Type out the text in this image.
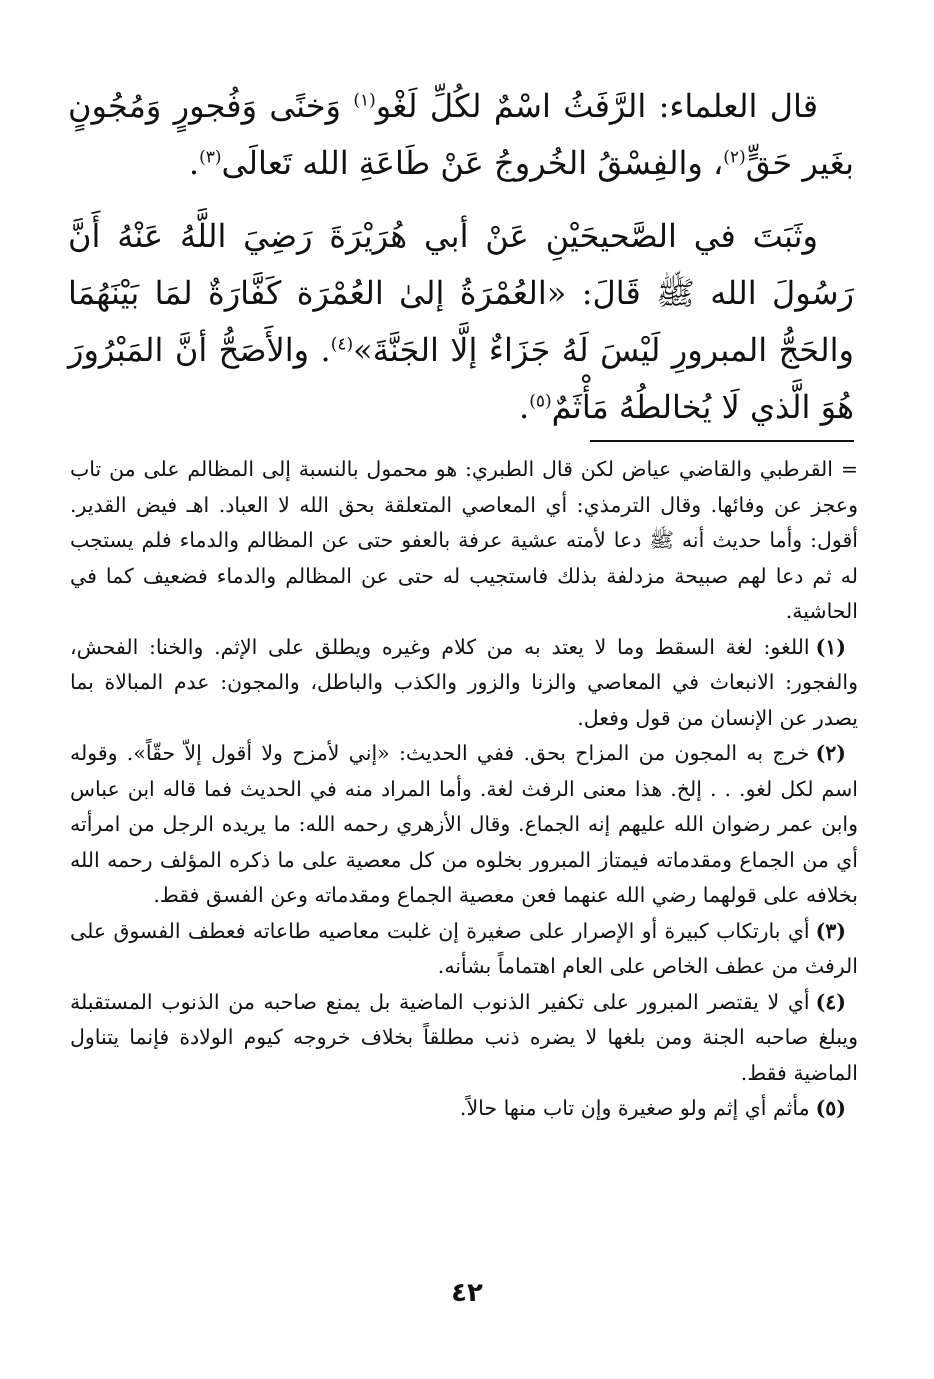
قال العلماء: الرَّفَثُ اسْمٌ لكُلِّ لَغْو$^{(١)}$ وَخنًى وَفُجورٍ وَمُجُونٍ بغَير حَقٍّ$^{(٢)}$، والفِسْقُ الخُروجُ عَنْ طَاعَةِ الله تَعالَى$^{(٣)}$.

وثَبَتَ في الصَّحيحَيْنِ عَنْ أبي هُرَيْرَةَ رَضِيَ اللَّهُ عَنْهُ أَنَّ رَسُولَ الله ﷺ قَالَ: «العُمْرَةُ إلىٰ العُمْرَة كَفَّارَةٌ لمَا بَيْنَهُمَا والحَجُّ المبرورِ لَيْسَ لَهُ جَزَاءٌ إلَّا الجَنَّةَ»$^{(٤)}$. والأَصَحُّ أنَّ المَبْرُورَ هُوَ الَّذي لَا يُخالطُهُ مَأْثَمٌ$^{(٥)}$.

= القرطبي والقاضي عياض لكن قال الطبري: هو محمول بالنسبة إلى المظالم على من تاب وعجز عن وفائها. وقال الترمذي: أي المعاصي المتعلقة بحق الله لا العباد. اهـ فيض القدير. أقول: وأما حديث أنه ﷺ دعا لأمته عشية عرفة بالعفو حتى عن المظالم والدماء فلم يستجب له ثم دعا لهم صبيحة مزدلفة بذلك فاستجيب له حتى عن المظالم والدماء فضعيف كما في الحاشية.

(١)اللغو: لغة السقط وما لا يعتد به من كلام وغيره ويطلق على الإثم. والخنا: الفحش، والفجور: الانبعاث في المعاصي والزنا والزور والكذب والباطل، والمجون: عدم المبالاة بما يصدر عن الإنسان من قول وفعل.

(٢)خرج به المجون من المزاح بحق. ففي الحديث: «إني لأمزح ولا أقول إلاّ حقّاً». وقوله اسم لكل لغو. . . إلخ. هذا معنى الرفث لغة. وأما المراد منه في الحديث فما قاله ابن عباس وابن عمر رضوان الله عليهم إنه الجماع. وقال الأزهري رحمه الله: ما يريده الرجل من امرأته أي من الجماع ومقدماته فيمتاز المبرور بخلوه من كل معصية على ما ذكره المؤلف رحمه الله بخلافه على قولهما رضي الله عنهما فعن معصية الجماع ومقدماته وعن الفسق فقط.

(٣)أي بارتكاب كبيرة أو الإصرار على صغيرة إن غلبت معاصيه طاعاته فعطف الفسوق على الرفث من عطف الخاص على العام اهتماماً بشأنه.

(٤)أي لا يقتصر المبرور على تكفير الذنوب الماضية بل يمنع صاحبه من الذنوب المستقبلة ويبلغ صاحبه الجنة ومن بلغها لا يضره ذنب مطلقاً بخلاف خروجه كيوم الولادة فإنما يتناول الماضية فقط.

(٥)مأثم أي إثم ولو صغيرة وإن تاب منها حالاً.

٤٢
